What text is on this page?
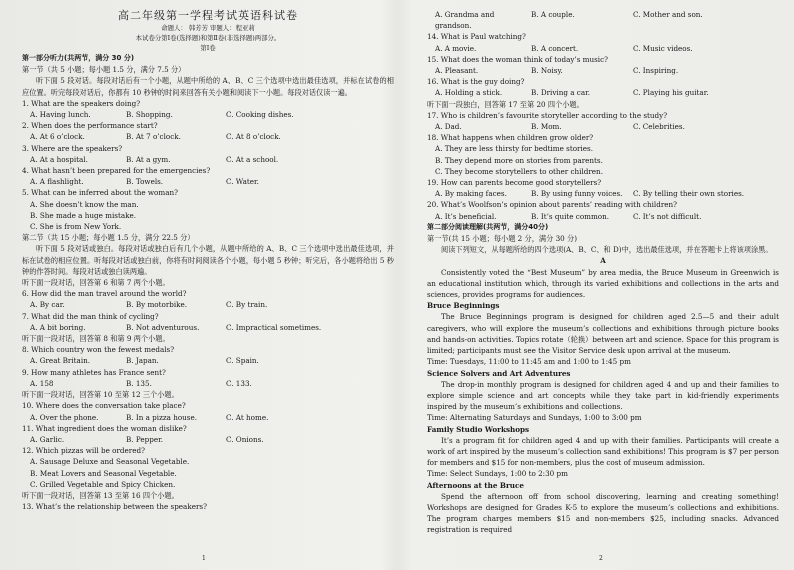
高二年级第一学程考试英语科试卷
命题人： 韩芳芳 审题人：程亚莉
本试卷分第Ⅰ卷(选择题)和第Ⅱ卷(非选择题)两部分。
第Ⅰ卷
第一部分听力(共两节，满分 30 分)
第一节（共 5 小题；每小题 1.5 分，满分 7.5 分）
听下面 5 段对话。每段对话后有一个小题，从题中所给的 A、B、C 三个选项中选出最佳选项，并标在试卷的相应位置。听完每段对话后，你都有 10 秒钟的时间来回答有关小题和阅读下一小题。每段对话仅读一遍。
1. What are the speakers doing?
A. Having lunch.	B. Shopping.	C. Cooking dishes.
2. When does the performance start?
A. At 6 o’clock.	B. At 7 o’clock.	C. At 8 o’clock.
3. Where are the speakers?
A. At a hospital.	B. At a gym.	C. At a school.
4. What hasn’t been prepared for the emergencies?
A. A flashlight.	B. Towels.	C. Water.
5. What can be inferred about the woman?
A. She doesn’t know the man.
B. She made a huge mistake.
C. She is from New York.
第二节（共 15 小题；每小题 1.5 分，满分 22.5 分）
听下面 5 段对话或独白。每段对话或独白后有几个小题，从题中所给的 A、B、C 三个选项中选出最佳选项，并标在试卷的相应位置。听每段对话或独白前，你将有时间阅读各个小题，每小题 5 秒钟；听完后，各小题将给出 5 秒钟的作答时间。每段对话或独白读两遍。
听下面一段对话，回答第 6 和第 7 两个小题。
6. How did the man travel around the world?
A. By car.	B. By motorbike.	C. By train.
7. What did the man think of cycling?
A. A bit boring.	B. Not adventurous.	C. Impractical sometimes.
听下面一段对话，回答第 8 和第 9 两个小题。
8. Which country won the fewest medals?
A. Great Britain.	B. Japan.	C. Spain.
9. How many athletes has France sent?
A. 158	B. 135.	C. 133.
听下面一段对话，回答第 10 至第 12 三个小题。
10. Where does the conversation take place?
A. Over the phone.	B. In a pizza house.	C. At home.
11. What ingredient does the woman dislike?
A. Garlic.	B. Pepper.	C. Onions.
12. Which pizzas will be ordered?
A. Sausage Deluxe and Seasonal Vegetable.
B. Meat Lovers and Seasonal Vegetable.
C. Grilled Vegetable and Spicy Chicken.
听下面一段对话，回答第 13 至第 16 四个小题。
13. What’s the relationship between the speakers?
1
A. Grandma and grandson.
B. A couple.	C. Mother and son.
14. What is Paul watching?
A. A movie.	B. A concert.	C. Music videos.
15. What does the woman think of today’s music?
A. Pleasant.	B. Noisy.	C. Inspiring.
16. What is the guy doing?
A. Holding a stick.	B. Driving a car.	C. Playing his guitar.
听下面一段独白，回答第 17 至第 20 四个小题。
17. Who is children’s favourite storyteller according to the study?
A. Dad.	B. Mom.	C. Celebrities.
18. What happens when children grow older?
A. They are less thirsty for bedtime stories.
B. They depend more on stories from parents.
C. They become storytellers to other children.
19. How can parents become good storytellers?
A. By making faces.	B. By using funny voices.	C. By telling their own stories.
20. What’s Woolfson’s opinion about parents’ reading with children?
A. It’s beneficial.	B. It’s quite common.	C. It’s not difficult.
第二部分阅读理解(共两节，满分40分)
第一节(共 15 小题；每小题 2 分，满分 30 分)
阅读下列短文，从每题所给的四个选项(A、B、C、和 D)中，选出最佳选项，并在答题卡上将该项涂黑。
A
Consistently voted the “Best Museum” by area media, the Bruce Museum in Greenwich is an educational institution which, through its varied exhibitions and collections in the arts and sciences, provides programs for audiences.
Bruce Beginnings
The Bruce Beginnings program is designed for children aged 2.5—5 and their adult caregivers, who will explore the museum’s collections and exhibitions through picture books and hands-on activities. Topics rotate（轮换）between art and science. Space for this program is limited; participants must see the Visitor Service desk upon arrival at the museum.
Time: Tuesdays, 11:00 to 11:45 am and 1:00 to 1:45 pm
Science Solvers and Art Adventures
The drop-in monthly program is designed for children aged 4 and up and their families to explore simple science and art concepts while they take part in kid-friendly experiments inspired by the museum’s exhibitions and collections.
Time: Alternating Saturdays and Sundays, 1:00 to 3:00 pm
Family Studio Workshops
It’s a program fit for children aged 4 and up with their families. Participants will create a work of art inspired by the museum’s collection sand exhibitions! This program is $7 per person for members and $15 for non-members, plus the cost of museum admission.
Time: Select Sundays, 1:00 to 2:30 pm
Afternoons at the Bruce
Spend the afternoon off from school discovering, learning and creating something! Workshops are designed for Grades K-5 to explore the museum’s collections and exhibitions. The program charges members $15 and non-members $25, including snacks. Advanced registration is required
2
